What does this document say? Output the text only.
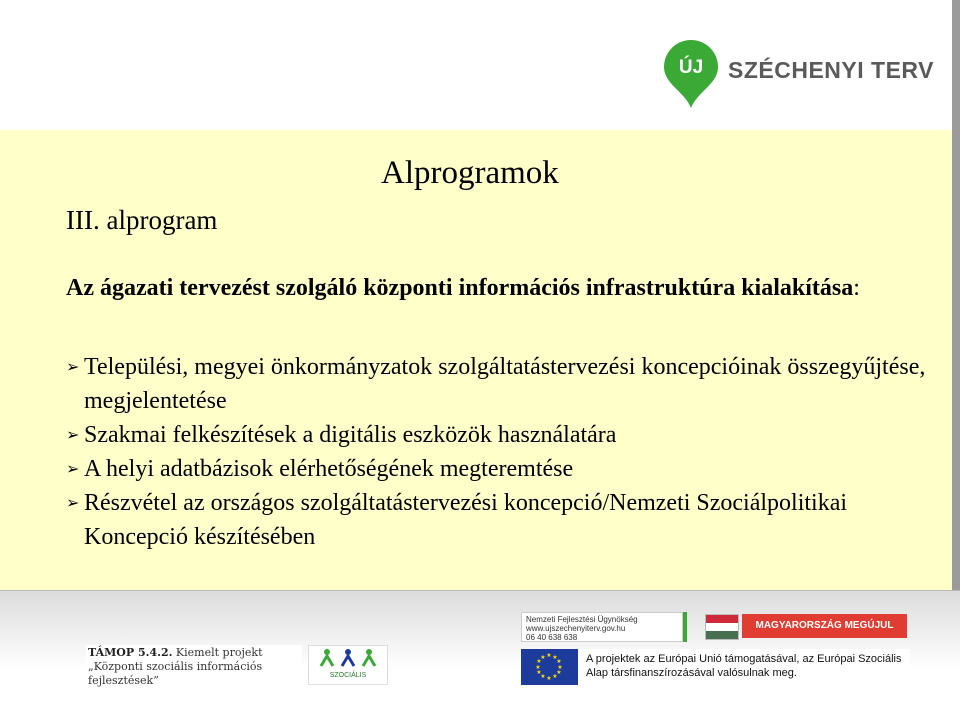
ÚJ SZÉCHENYI TERV
Alprogramok
III. alprogram
Az ágazati tervezést szolgáló központi információs infrastruktúra kialakítása:
➢ Települési, megyei önkormányzatok szolgáltatástervezési koncepcióinak összegyűjtése, megjelentetése
➢ Szakmai felkészítések a digitális eszközök használatára
➢ A helyi adatbázisok elérhetőségének megteremtése
➢ Részvétel az országos szolgáltatástervezési koncepció/Nemzeti Szociálpolitikai Koncepció készítésében
TÁMOP 5.4.2. Kiemelt projekt
„Központi szociális információs fejlesztések”	SZOCIÁLIS
Nemzeti Fejlesztési Ügynökség
www.ujszechenyiterv.gov.hu
06 40 638 638
MAGYARORSZÁG MEGÚJUL
★ ★
★
★
★
★
★
★
★
★
★
★	A projektek az Európai Unió támogatásával, az Európai Szociális Alap társfinanszírozásával valósulnak meg.
